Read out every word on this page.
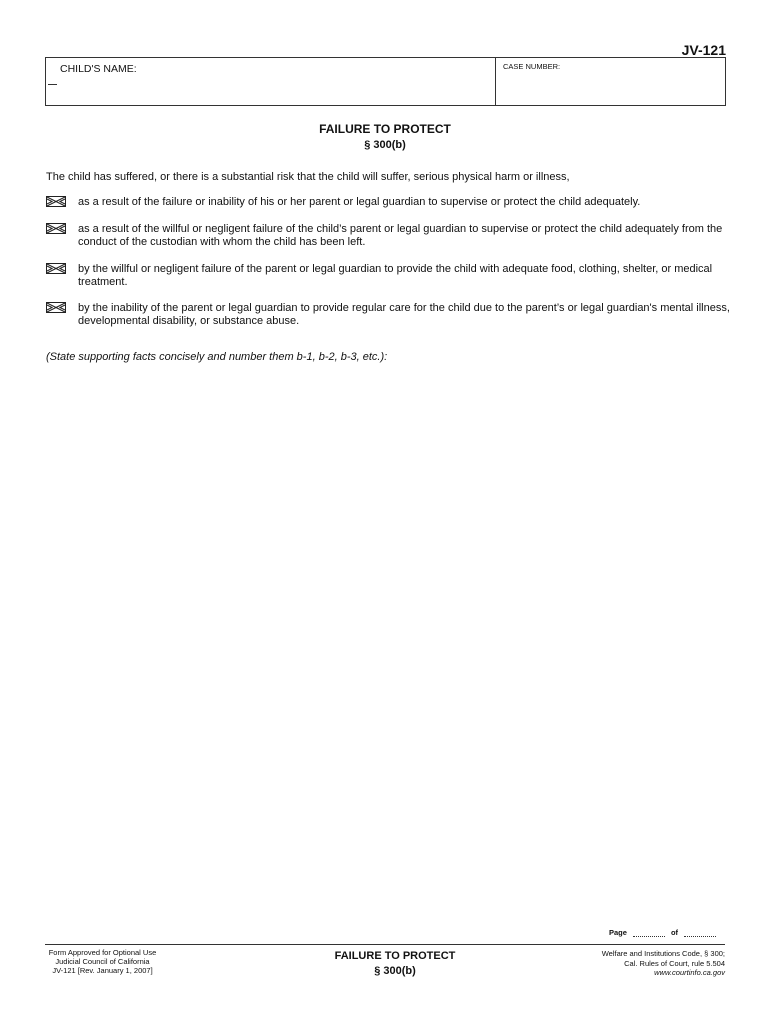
JV-121
CHILD'S NAME:	CASE NUMBER:
FAILURE TO PROTECT
§ 300(b)
The child has suffered, or there is a substantial risk that the child will suffer, serious physical harm or illness,
as a result of the failure or inability of his or her parent or legal guardian to supervise or protect the child adequately.
as a result of the willful or negligent failure of the child’s parent or legal guardian to supervise or protect the child adequately from the conduct of the custodian with whom the child has been left.
by the willful or negligent failure of the parent or legal guardian to provide the child with adequate food, clothing, shelter, or medical treatment.
by the inability of the parent or legal guardian to provide regular care for the child due to the parent’s or legal guardian's mental illness, developmental disability, or substance abuse.
(State supporting facts concisely and number them b-1, b-2, b-3, etc.):
Page	of
Form Approved for Optional Use
Judicial Council of California
JV-121 [Rev. January 1, 2007]
FAILURE TO PROTECT
§ 300(b)
Welfare and Institutions Code, § 300;
Cal. Rules of Court, rule 5.504
www.courtinfo.ca.gov
